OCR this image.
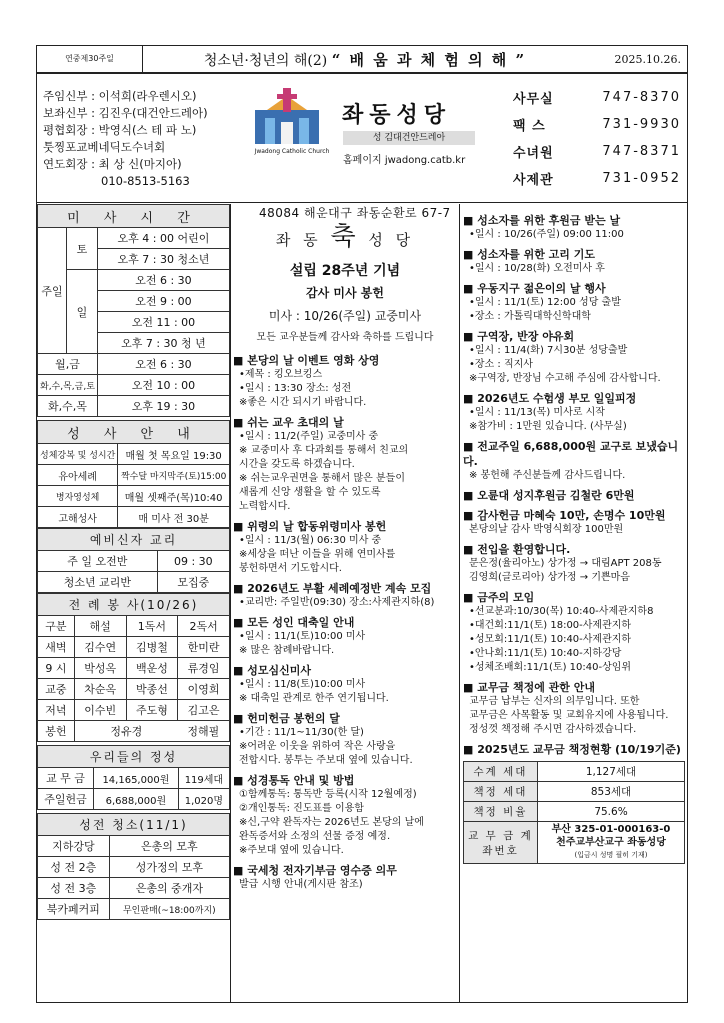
연중제30주일	청소년·청년의 해(2) “ 배 움 과 체 험 의 해 ”	2025.10.26.
주임신부 : 이석희(라우렌시오)
보좌신부 : 김진우(대건안드레아)
평협회장 : 박영식(스 테 파 노)
툿찡포교베네딕도수녀회
연도회장 : 최 상 신(마지아)
010-8513-5163
Jwadong Catholic Church
좌동성당
성 김대건안드레아
홈페이지 jwadong.catb.kr
48084 해운대구 좌동순환로 67-7
사무실	747-8370
팩 스	731-9930
수녀원	747-8371
사제관	731-0952
미 사 시 간		
주일	토	오후 4 : 00 어린이
		오후 7 : 30 청소년
	일	오전 6 : 30
		오전 9 : 00
		오전 11 : 00
		오후 7 : 30 청 년
월,금		오전 6 : 30
화,수,목,금,토		오전 10 : 00
화,수,목		오후 19 : 30
성 사 안 내	
성체강복 및 성시간	매월 첫 목요일 19:30
유아세례	짝수달 마지막주(토)15:00
병자영성체	매월 셋째주(목)10:40
고해성사	매 미사 전 30분
예비신자 교리	
주 일 오전반	09 : 30
청소년 교리반	모집중
전 례 봉 사(10/26)			
구분	해설	1독서	2독서
새벽	김수연	김병철	한미란
9 시	박성옥	백운성	류경임
교중	차순옥	박종선	이영희
저녁	이수빈	주도형	김고은
봉헌	정유경		정해필
우리들의 정성		
교 무 금	14,165,000원	119세대
주일헌금	6,688,000원	1,020명
성전 청소(11/1)	
지하강당	은총의 모후
성 전 2층	성가정의 모후
성 전 3층	은총의 중개자
북카페커피	무인판매(~18:00까지)
좌 동 축 성 당
설립 28주년 기념
감사 미사 봉헌
미사 : 10/26(주일) 교중미사
모든 교우분들께 감사와 축하를 드립니다
■ 본당의 날 이벤트 영화 상영

•제목 : 킹오브킹스

•일시 : 13:30 장소: 성전

※좋은 시간 되시기 바랍니다.

■ 쉬는 교우 초대의 날

•일시 : 11/2(주일) 교중미사 중

※ 교중미사 후 다과회를 통해서 친교의

시간을 갖도록 하겠습니다.

※ 쉬는교우권면을 통해서 많은 분들이

새롭게 신앙 생활을 할 수 있도록

노력합시다.

■ 위령의 날 합동위령미사 봉헌

•일시 : 11/3(월) 06:30 미사 중

※세상을 떠난 이들을 위해 연미사를

봉헌하면서 기도합시다.

■ 2026년도 부활 세례예정반 계속 모집

•교리반: 주일반(09:30) 장소:사제관지하(8)

■ 모든 성인 대축일 안내

•일시 : 11/1(토)10:00 미사

※ 많은 참례바랍니다.

■ 성모심신미사

•일시 : 11/8(토)10:00 미사

※ 대축일 관계로 한주 연기됩니다.

■ 헌미헌금 봉헌의 달

•기간 : 11/1~11/30(한 달)

※어려운 이웃을 위하여 작은 사랑을

전합시다. 봉투는 주보대 옆에 있습니다.

■ 성경통독 안내 및 방법

①함께통독: 통독반 등록(시작 12월예정)

②개인통독: 진도표를 이용함

※신,구약 완독자는 2026년도 본당의 날에

완독증서와 소정의 선물 증정 예정.

※주보대 옆에 있습니다.

■ 국세청 전자기부금 영수증 의무

발급 시행 안내(게시판 참조)

■ 성소자를 위한 후원금 받는 날

•일시 : 10/26(주일) 09:00 11:00

■ 성소자를 위한 고리 기도

•일시 : 10/28(화) 오전미사 후

■ 우동지구 젊은이의 날 행사

•일시 : 11/1(토) 12:00 성당 출발

•장소 : 가톨릭대학신학대학

■ 구역장, 반장 야유회

•일시 : 11/4(화) 7시30분 성당출발

•장소 : 직지사

※구역장, 반장님 수고해 주심에 감사합니다.

■ 2026년도 수험생 부모 일일피정

•일시 : 11/13(목) 미사로 시작

※참가비 : 1만원 있습니다. (사무실)

■ 전교주일 6,688,000원 교구로 보냈습니다.

※ 봉헌해 주신분들께 감사드립니다.

■ 오륜대 성지후원금 김철란 6만원
■ 감사헌금 마혜숙 10만, 손명수 10만원

본당의날 감사 박영식회장 100만원

■ 전입을 환영합니다.

문은정(율리아노) 상가정 → 대림APT 208동

김영희(글로리아) 상가정 → 기쁜마음

■ 금주의 모임

•선교분과:10/30(목) 10:40-사제관지하8

•대건회:11/1(토) 18:00-사제관지하

•성모회:11/1(토) 10:40-사제관지하

•안나회:11/1(토) 10:40-지하강당

•성체조배회:11/1(토) 10:40-상임위

■ 교무금 책정에 관한 안내

교무금 납부는 신자의 의무입니다. 또한

교무금은 사목활동 및 교회유지에 사용됩니다.

정성껏 책정해 주시면 감사하겠습니다.

■ 2025년도 교무금 책정현황 (10/19기준)
수계 세대	1,127세대
책정 세대	853세대
책정 비율	75.6%
교 무 금 계좌번호	부산 325-01-000163-0
천주교부산교구 좌동성당
(입금시 성명 필히 기재)
